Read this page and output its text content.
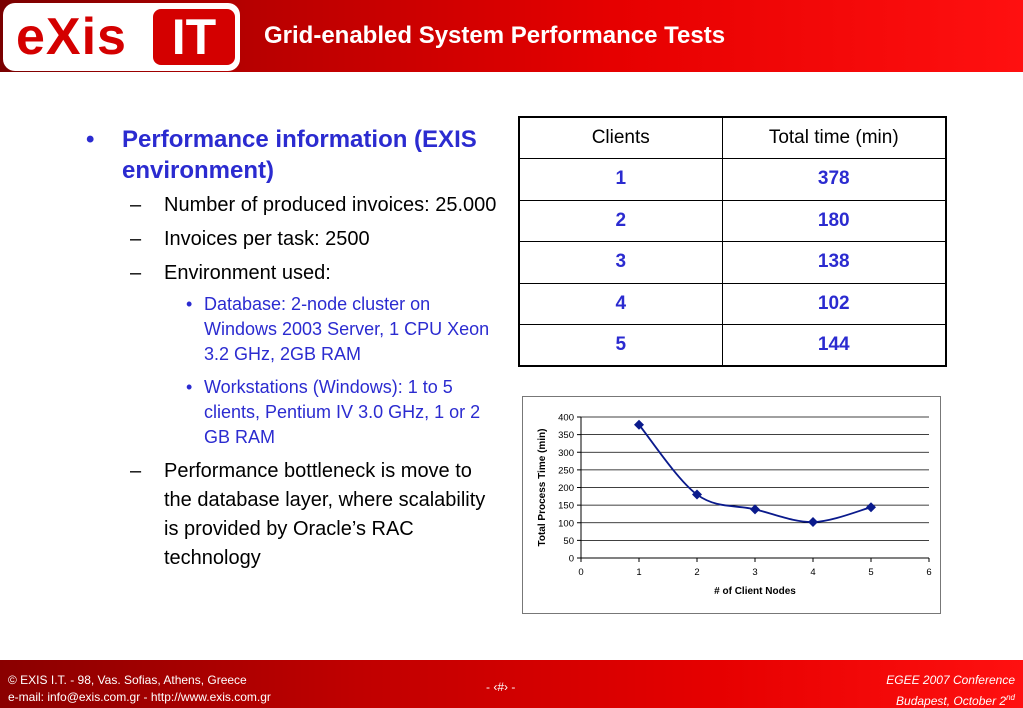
eXis IT	Grid-enabled System Performance Tests
• Performance information (EXIS environment)
– Number of produced invoices: 25.000
– Invoices per task: 2500
– Environment used:
• Database: 2-node cluster on Windows 2003 Server, 1 CPU Xeon 3.2 GHz, 2GB RAM
• Workstations (Windows): 1 to 5 clients, Pentium IV 3.0 GHz, 1 or 2 GB RAM
– Performance bottleneck is move to the database layer, where scalability is provided by Oracle’s RAC technology
Clients	Total time (min)
1	378
2	180
3	138
4	102
5	144
0
50
100
150
200
250
300
350
400
0	1	2	3	4	5	6
Total Process Time (min)
# of Client Nodes
© EXIS I.T. - 98, Vas. Sofias, Athens, Greece
e-mail: info@exis.com.gr - http://www.exis.com.gr
- ‹#› -	EGEE 2007 Conference
Budapest, October 2nd
